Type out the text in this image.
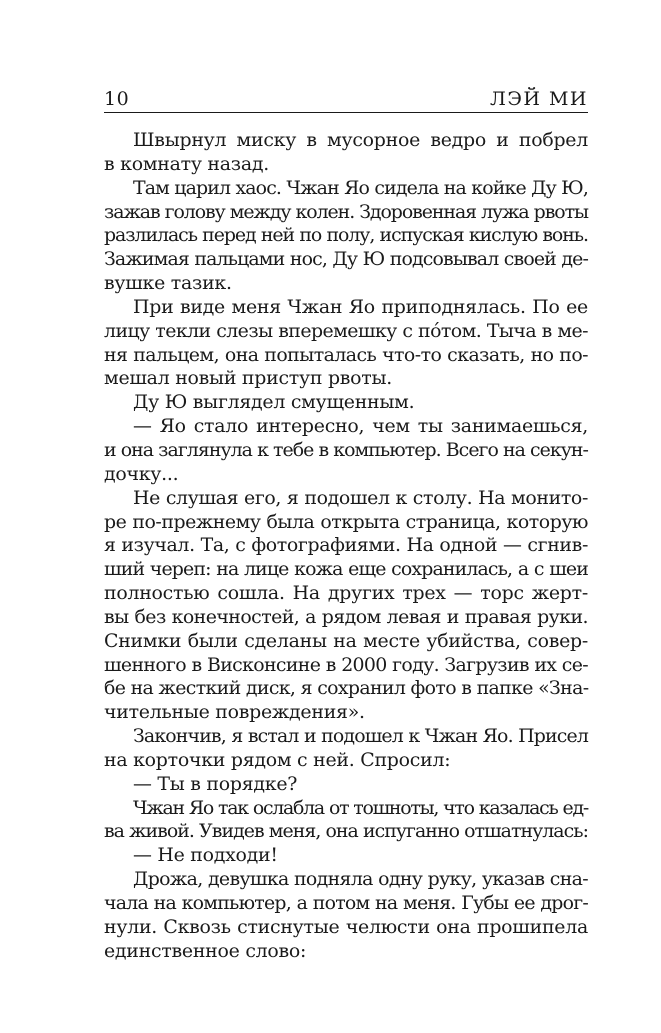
10	ЛЭЙ МИ
Швырнул миску в мусорное ведро и побрел
в комнату назад.
Там царил хаос. Чжан Яо сидела на койке Ду Ю,
зажав голову между колен. Здоровенная лужа рвоты
разлилась перед ней по полу, испуская кислую вонь.
Зажимая пальцами нос, Ду Ю подсовывал своей де-
вушке тазик.
При виде меня Чжан Яо приподнялась. По ее
лицу текли слезы вперемешку с пóтом. Тыча в ме-
ня пальцем, она попыталась что-то сказать, но по-
мешал новый приступ рвоты.
Ду Ю выглядел смущенным.
— Яо стало интересно, чем ты занимаешься,
и она заглянула к тебе в компьютер. Всего на секун-
дочку...
Не слушая его, я подошел к столу. На монито-
ре по-прежнему была открыта страница, которую
я изучал. Та, с фотографиями. На одной — сгнив-
ший череп: на лице кожа еще сохранилась, а с шеи
полностью сошла. На других трех — торс жерт-
вы без конечностей, а рядом левая и правая руки.
Снимки были сделаны на месте убийства, совер-
шенного в Висконсине в 2000 году. Загрузив их се-
бе на жесткий диск, я сохранил фото в папке «Зна-
чительные повреждения».
Закончив, я встал и подошел к Чжан Яо. Присел
на корточки рядом с ней. Спросил:
— Ты в порядке?
Чжан Яо так ослабла от тошноты, что казалась ед-
ва живой. Увидев меня, она испуганно отшатнулась:
— Не подходи!
Дрожа, девушка подняла одну руку, указав сна-
чала на компьютер, а потом на меня. Губы ее дрог-
нули. Сквозь стиснутые челюсти она прошипела
единственное слово:
